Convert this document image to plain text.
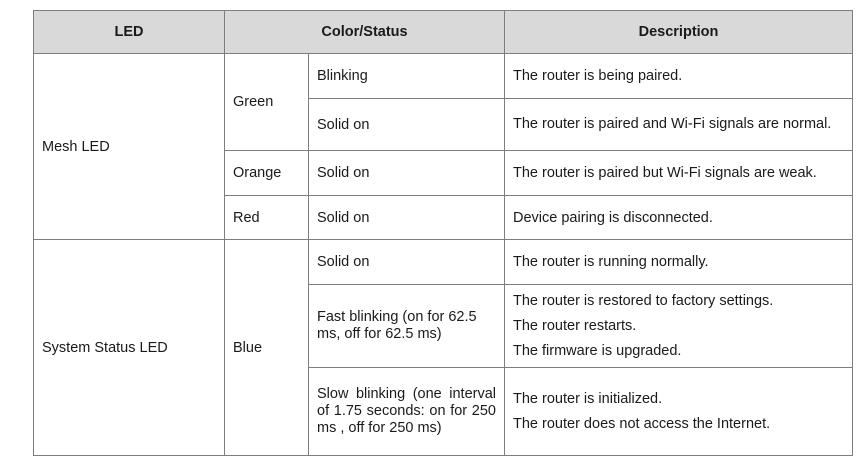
LED	Color/Status		Description
Mesh LED	Green	Blinking	The router is being paired.
		Solid on	The router is paired and Wi-Fi signals are normal.
	Orange	Solid on	The router is paired but Wi-Fi signals are weak.
	Red	Solid on	Device pairing is disconnected.
System Status LED	Blue	Solid on	The router is running normally.
		Fast blinking (on for 62.5 ms, off for 62.5 ms)	The router is restored to factory settings.
The router restarts.
The firmware is upgraded.

		Slow blinking (one interval of 1.75 seconds: on for 250 ms , off for 250 ms)	The router is initialized.
The router does not access the Internet.
